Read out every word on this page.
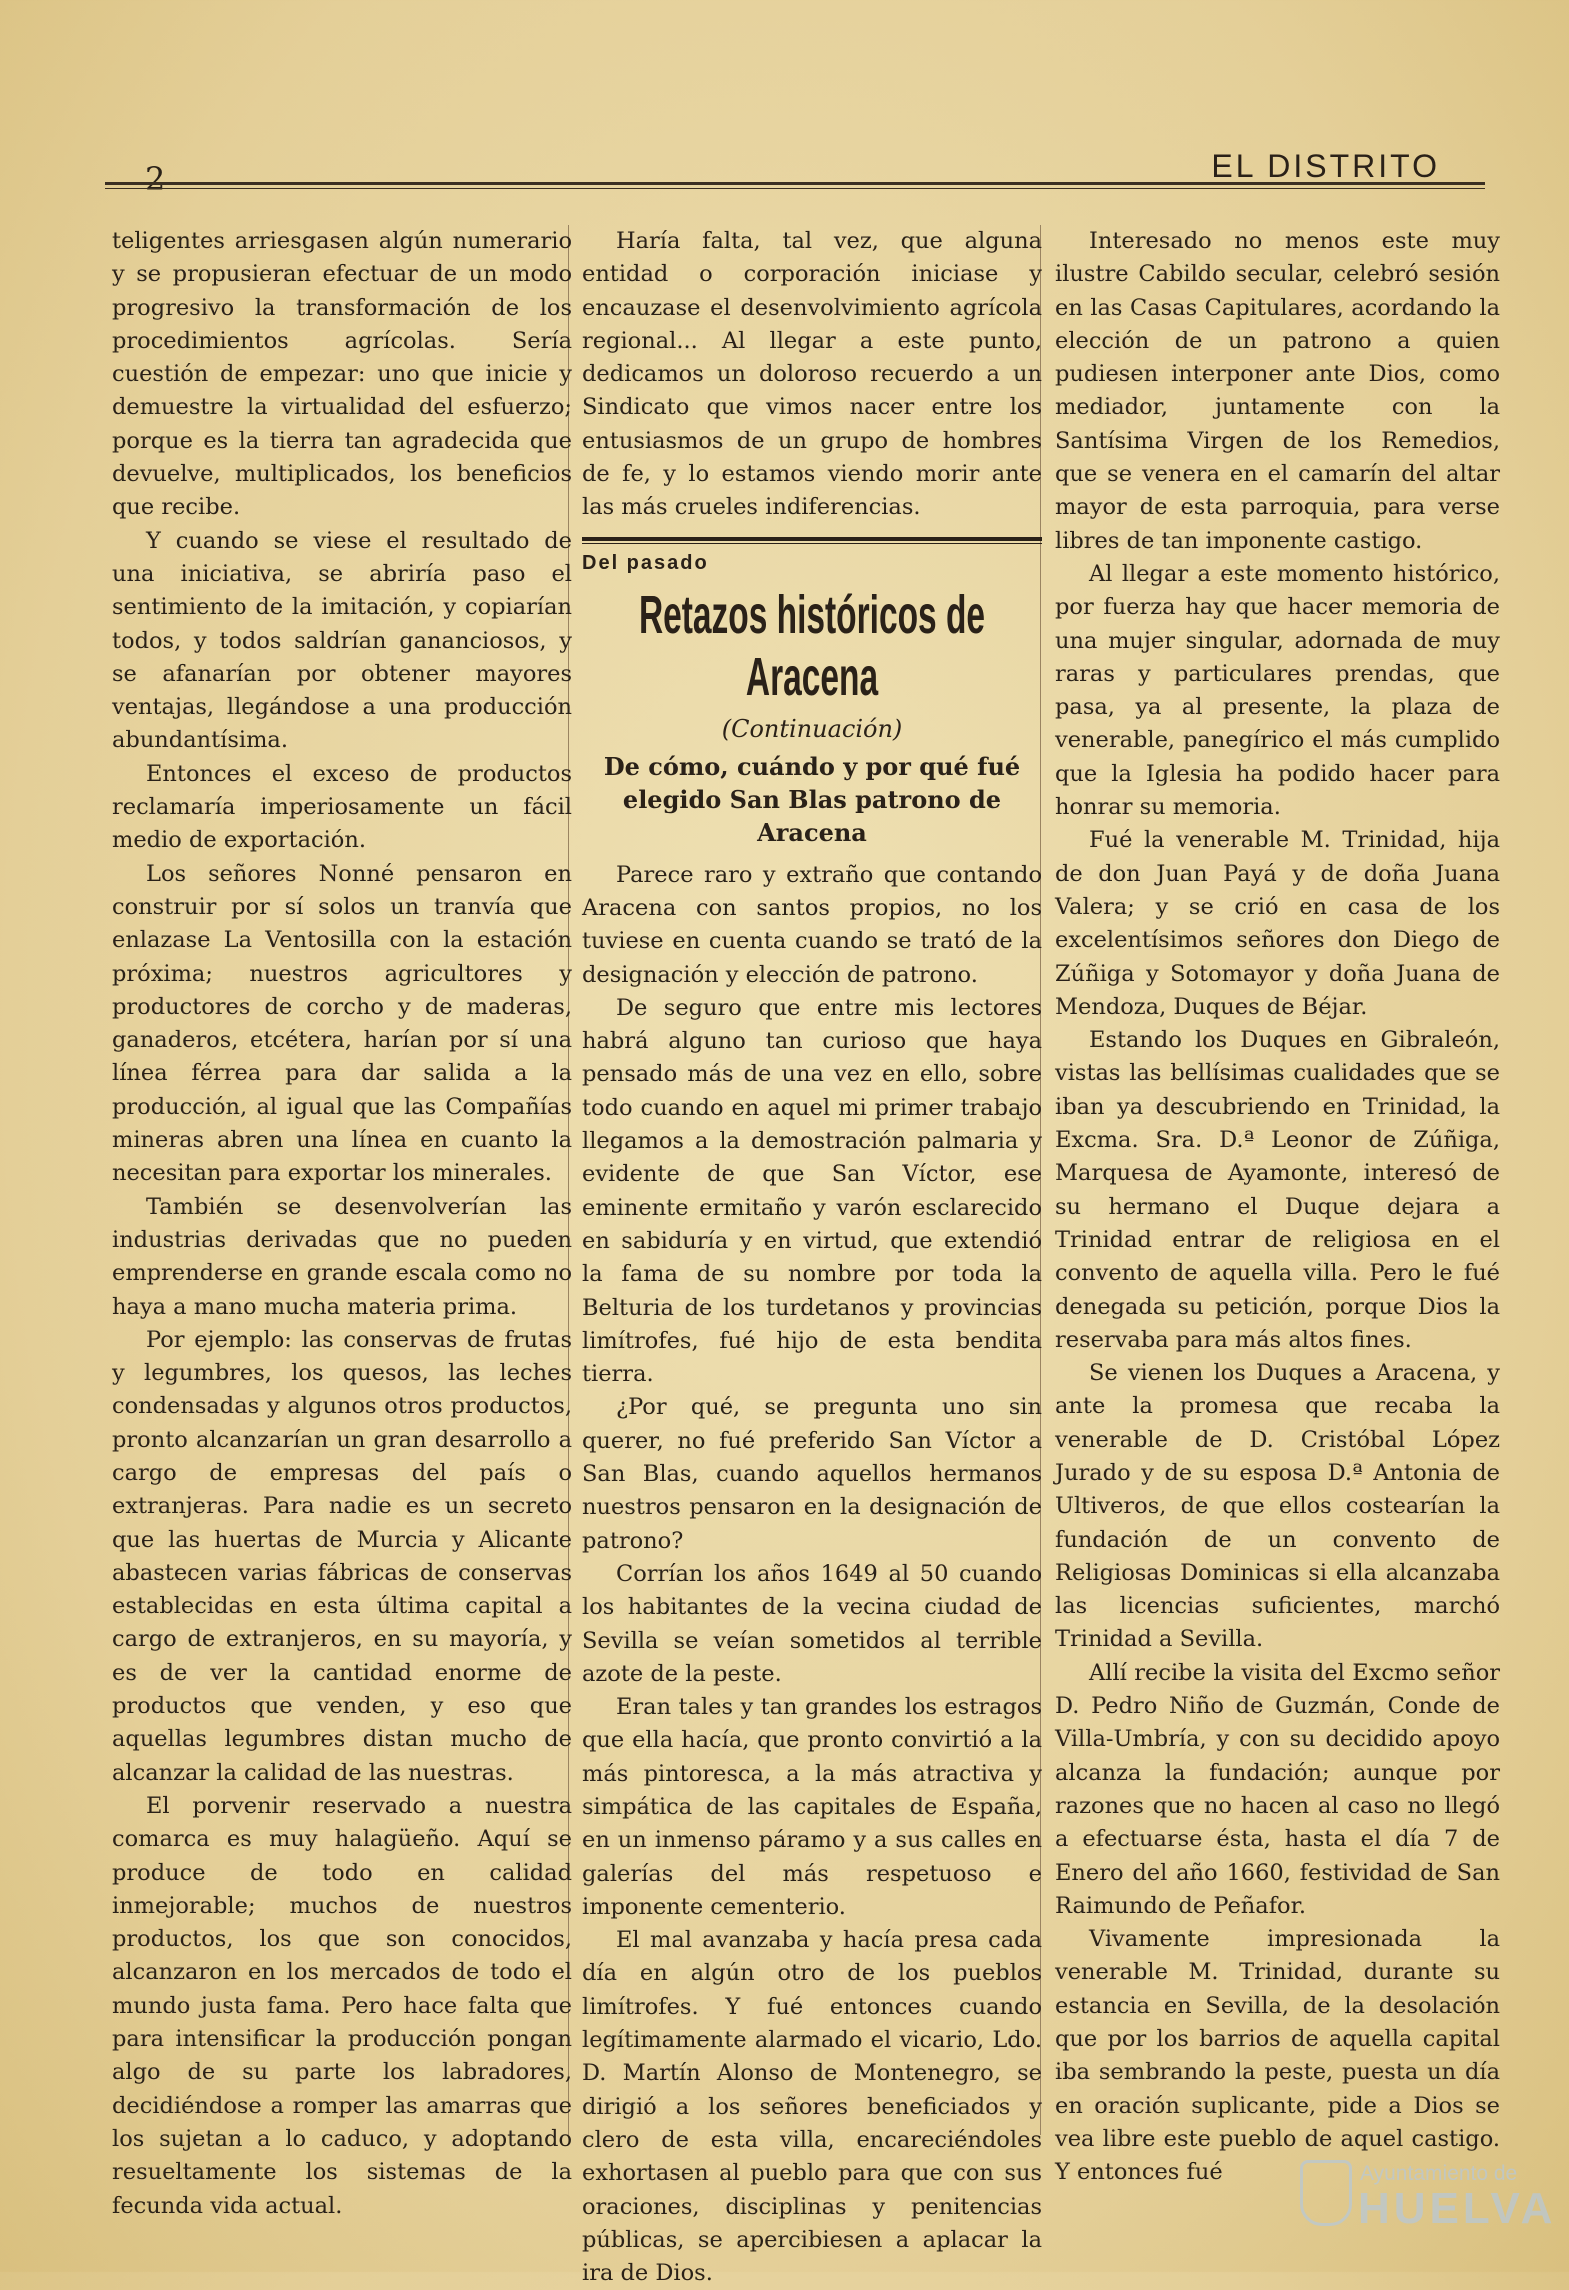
2	EL DISTRITO

teligentes arriesgasen algún numerario y se propusieran efectuar de un modo progresivo la transformación de los procedimientos agrícolas. Sería cuestión de empezar: uno que inicie y demuestre la virtualidad del esfuerzo; porque es la tierra tan agradecida que devuelve, multiplicados, los beneficios que recibe.

Y cuando se viese el resultado de una iniciativa, se abriría paso el sentimiento de la imitación, y copiarían todos, y todos saldrían gananciosos, y se afanarían por obtener mayores ventajas, llegándose a una producción abundantísima.

Entonces el exceso de productos reclamaría imperiosamente un fácil medio de exportación.

Los señores Nonné pensaron en construir por sí solos un tranvía que enlazase La Ventosilla con la estación próxima; nuestros agricultores y productores de corcho y de maderas, ganaderos, etcétera, harían por sí una línea férrea para dar salida a la producción, al igual que las Compañías mineras abren una línea en cuanto la necesitan para exportar los minerales.

También se desenvolverían las industrias derivadas que no pueden emprenderse en grande escala como no haya a mano mucha materia prima.

Por ejemplo: las conservas de frutas y legumbres, los quesos, las leches condensadas y algunos otros productos, pronto alcanzarían un gran desarrollo a cargo de empresas del país o extranjeras. Para nadie es un secreto que las huertas de Murcia y Alicante abastecen varias fábricas de conservas establecidas en esta última capital a cargo de extranjeros, en su mayoría, y es de ver la cantidad enorme de productos que venden, y eso que aquellas legumbres distan mucho de alcanzar la calidad de las nuestras.

El porvenir reservado a nuestra comarca es muy halagüeño. Aquí se produce de todo en calidad inmejorable; muchos de nuestros productos, los que son conocidos, alcanzaron en los mercados de todo el mundo justa fama. Pero hace falta que para intensificar la producción pongan algo de su parte los labradores, decidiéndose a romper las amarras que los sujetan a lo caduco, y adoptando resueltamente los sistemas de la fecunda vida actual.

Haría falta, tal vez, que alguna entidad o corporación iniciase y encauzase el desenvolvimiento agrícola regional... Al llegar a este punto, dedicamos un doloroso recuerdo a un Sindicato que vimos nacer entre los entusiasmos de un grupo de hombres de fe, y lo estamos viendo morir ante las más crueles indiferencias.

Del pasado
Retazos históricos de Aracena
(Continuación)
De cómo, cuándo y por qué fué elegido San Blas patrono de Aracena

Parece raro y extraño que contando Aracena con santos propios, no los tuviese en cuenta cuando se trató de la designación y elección de patrono.

De seguro que entre mis lectores habrá alguno tan curioso que haya pensado más de una vez en ello, sobre todo cuando en aquel mi primer trabajo llegamos a la demostración palmaria y evidente de que San Víctor, ese eminente ermitaño y varón esclarecido en sabiduría y en virtud, que extendió la fama de su nombre por toda la Belturia de los turdetanos y provincias limítrofes, fué hijo de esta bendita tierra.

¿Por qué, se pregunta uno sin querer, no fué preferido San Víctor a San Blas, cuando aquellos hermanos nuestros pensaron en la designación de patrono?

Corrían los años 1649 al 50 cuando los habitantes de la vecina ciudad de Sevilla se veían sometidos al terrible azote de la peste.

Eran tales y tan grandes los estragos que ella hacía, que pronto convirtió a la más pintoresca, a la más atractiva y simpática de las capitales de España, en un inmenso páramo y a sus calles en galerías del más respetuoso e imponente cementerio.

El mal avanzaba y hacía presa cada día en algún otro de los pueblos limítrofes. Y fué entonces cuando legítimamente alarmado el vicario, Ldo. D. Martín Alonso de Montenegro, se dirigió a los señores beneficiados y clero de esta villa, encareciéndoles exhortasen al pueblo para que con sus oraciones, disciplinas y penitencias públicas, se apercibiesen a aplacar la ira de Dios.

Interesado no menos este muy ilustre Cabildo secular, celebró sesión en las Casas Capitulares, acordando la elección de un patrono a quien pudiesen interponer ante Dios, como mediador, juntamente con la Santísima Virgen de los Remedios, que se venera en el camarín del altar mayor de esta parroquia, para verse libres de tan imponente castigo.

Al llegar a este momento histórico, por fuerza hay que hacer memoria de una mujer singular, adornada de muy raras y particulares prendas, que pasa, ya al presente, la plaza de venerable, panegírico el más cumplido que la Iglesia ha podido hacer para honrar su memoria.

Fué la venerable M. Trinidad, hija de don Juan Payá y de doña Juana Valera; y se crió en casa de los excelentísimos señores don Diego de Zúñiga y Sotomayor y doña Juana de Mendoza, Duques de Béjar.

Estando los Duques en Gibraleón, vistas las bellísimas cualidades que se iban ya descubriendo en Trinidad, la Excma. Sra. D.ª Leonor de Zúñiga, Marquesa de Ayamonte, interesó de su hermano el Duque dejara a Trinidad entrar de religiosa en el convento de aquella villa. Pero le fué denegada su petición, porque Dios la reservaba para más altos fines.

Se vienen los Duques a Aracena, y ante la promesa que recaba la venerable de D. Cristóbal López Jurado y de su esposa D.ª Antonia de Ultiveros, de que ellos costearían la fundación de un convento de Religiosas Dominicas si ella alcanzaba las licencias suficientes, marchó Trinidad a Sevilla.

Allí recibe la visita del Excmo señor D. Pedro Niño de Guzmán, Conde de Villa-Umbría, y con su decidido apoyo alcanza la fundación; aunque por razones que no hacen al caso no llegó a efectuarse ésta, hasta el día 7 de Enero del año 1660, festividad de San Raimundo de Peñafor.

Vivamente impresionada la venerable M. Trinidad, durante su estancia en Sevilla, de la desolación que por los barrios de aquella capital iba sembrando la peste, puesta un día en oración suplicante, pide a Dios se vea libre este pueblo de aquel castigo. Y entonces fué	Ayuntamiento de
HUELVA
